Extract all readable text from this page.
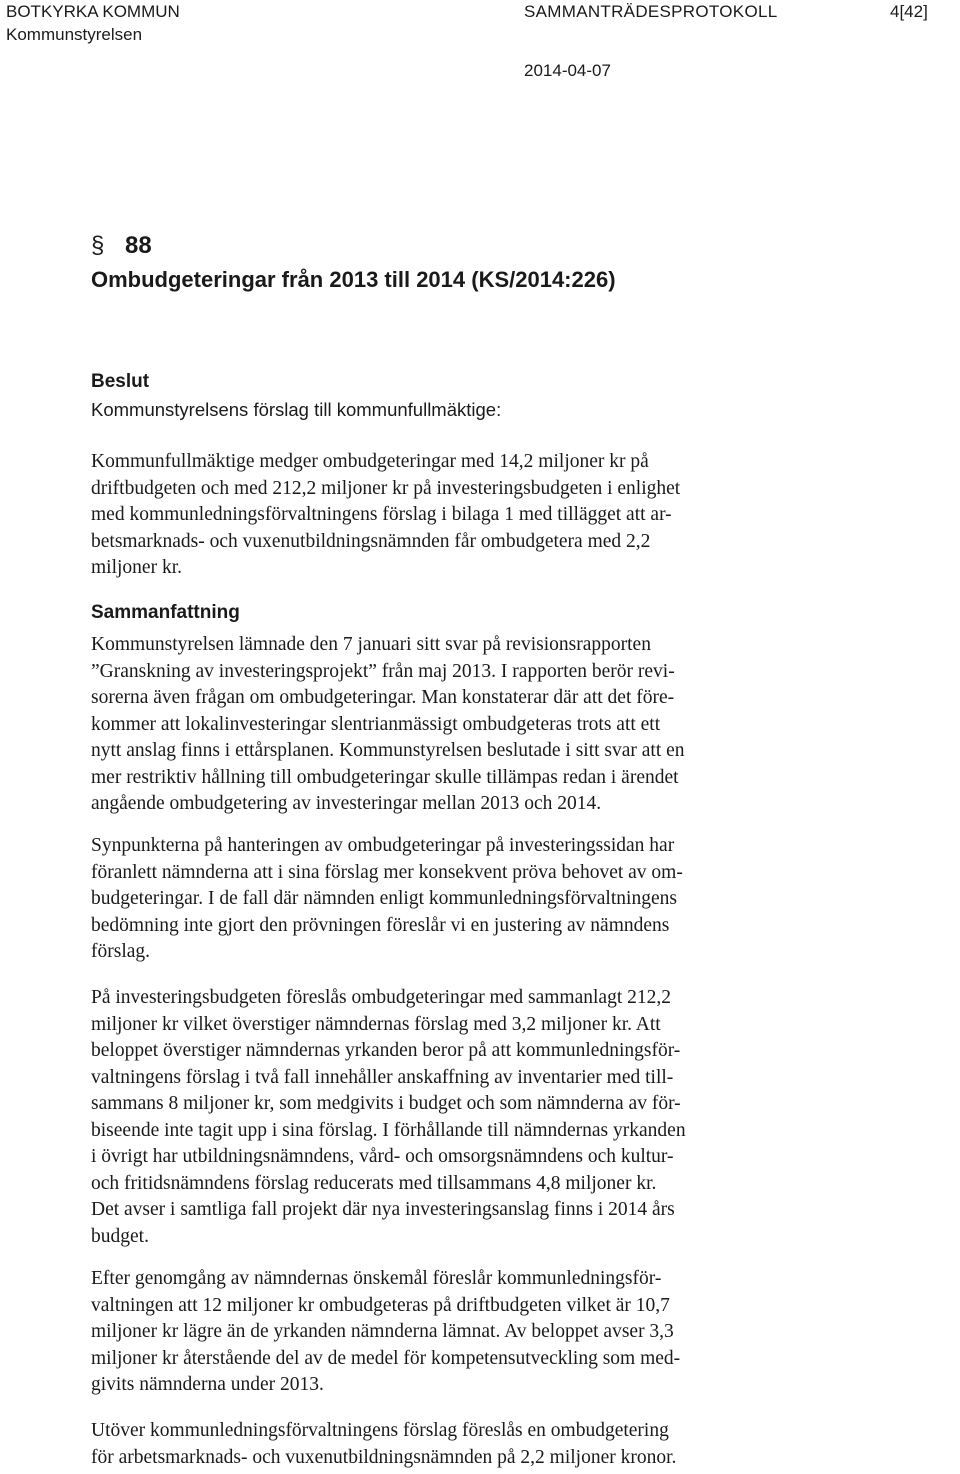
BOTKYRKA KOMMUN
Kommunstyrelsen
SAMMANTRÄDESPROTOKOLL	4[42]
2014-04-07
§ 88
Ombudgeteringar från 2013 till 2014 (KS/2014:226)
Beslut
Kommunstyrelsens förslag till kommunfullmäktige:
Kommunfullmäktige medger ombudgeteringar med 14,2 miljoner kr på
driftbudgeten och med 212,2 miljoner kr på investeringsbudgeten i enlighet
med kommunledningsförvaltningens förslag i bilaga 1 med tillägget att ar-
betsmarknads- och vuxenutbildningsnämnden får ombudgetera med 2,2
miljoner kr.
Sammanfattning
Kommunstyrelsen lämnade den 7 januari sitt svar på revisionsrapporten
”Granskning av investeringsprojekt” från maj 2013. I rapporten berör revi-
sorerna även frågan om ombudgeteringar. Man konstaterar där att det före-
kommer att lokalinvesteringar slentrianmässigt ombudgeteras trots att ett
nytt anslag finns i ettårsplanen. Kommunstyrelsen beslutade i sitt svar att en
mer restriktiv hållning till ombudgeteringar skulle tillämpas redan i ärendet
angående ombudgetering av investeringar mellan 2013 och 2014.
Synpunkterna på hanteringen av ombudgeteringar på investeringssidan har
föranlett nämnderna att i sina förslag mer konsekvent pröva behovet av om-
budgeteringar. I de fall där nämnden enligt kommunledningsförvaltningens
bedömning inte gjort den prövningen föreslår vi en justering av nämndens
förslag.
På investeringsbudgeten föreslås ombudgeteringar med sammanlagt 212,2
miljoner kr vilket överstiger nämndernas förslag med 3,2 miljoner kr. Att
beloppet överstiger nämndernas yrkanden beror på att kommunledningsför-
valtningens förslag i två fall innehåller anskaffning av inventarier med till-
sammans 8 miljoner kr, som medgivits i budget och som nämnderna av för-
biseende inte tagit upp i sina förslag. I förhållande till nämndernas yrkanden
i övrigt har utbildningsnämndens, vård- och omsorgsnämndens och kultur-
och fritidsnämndens förslag reducerats med tillsammans 4,8 miljoner kr.
Det avser i samtliga fall projekt där nya investeringsanslag finns i 2014 års
budget.
Efter genomgång av nämndernas önskemål föreslår kommunledningsför-
valtningen att 12 miljoner kr ombudgeteras på driftbudgeten vilket är 10,7
miljoner kr lägre än de yrkanden nämnderna lämnat. Av beloppet avser 3,3
miljoner kr återstående del av de medel för kompetensutveckling som med-
givits nämnderna under 2013.
Utöver kommunledningsförvaltningens förslag föreslås en ombudgetering
för arbetsmarknads- och vuxenutbildningsnämnden på 2,2 miljoner kronor.
